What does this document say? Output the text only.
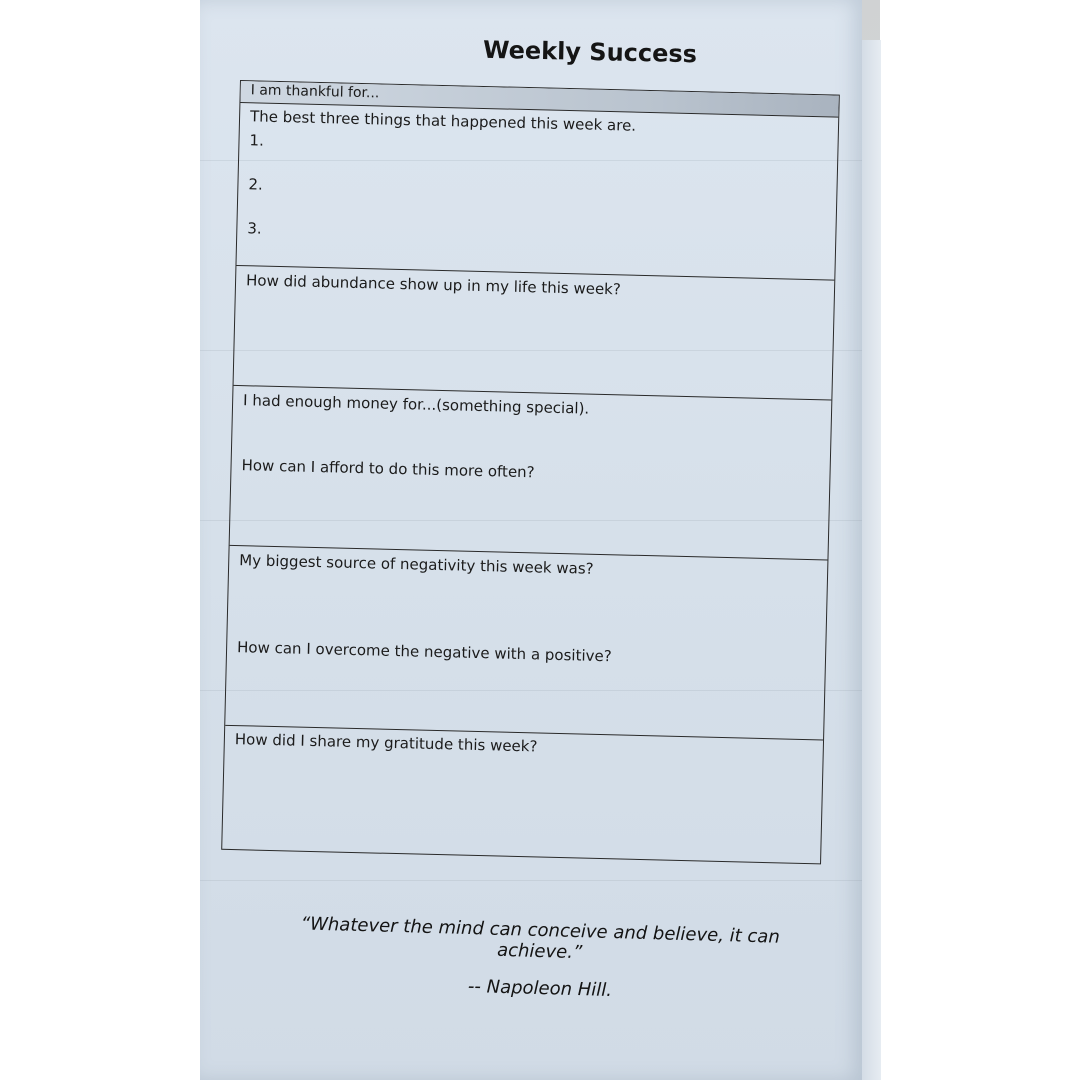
Weekly Success
I am thankful for...
The best three things that happened this week are.
1.
2.
3.
How did abundance show up in my life this week?
I had enough money for...(something special).
How can I afford to do this more often?
My biggest source of negativity this week was?
How can I overcome the negative with a positive?
How did I share my gratitude this week?

“Whatever the mind can conceive and believe, it can achieve.”

-- Napoleon Hill.
